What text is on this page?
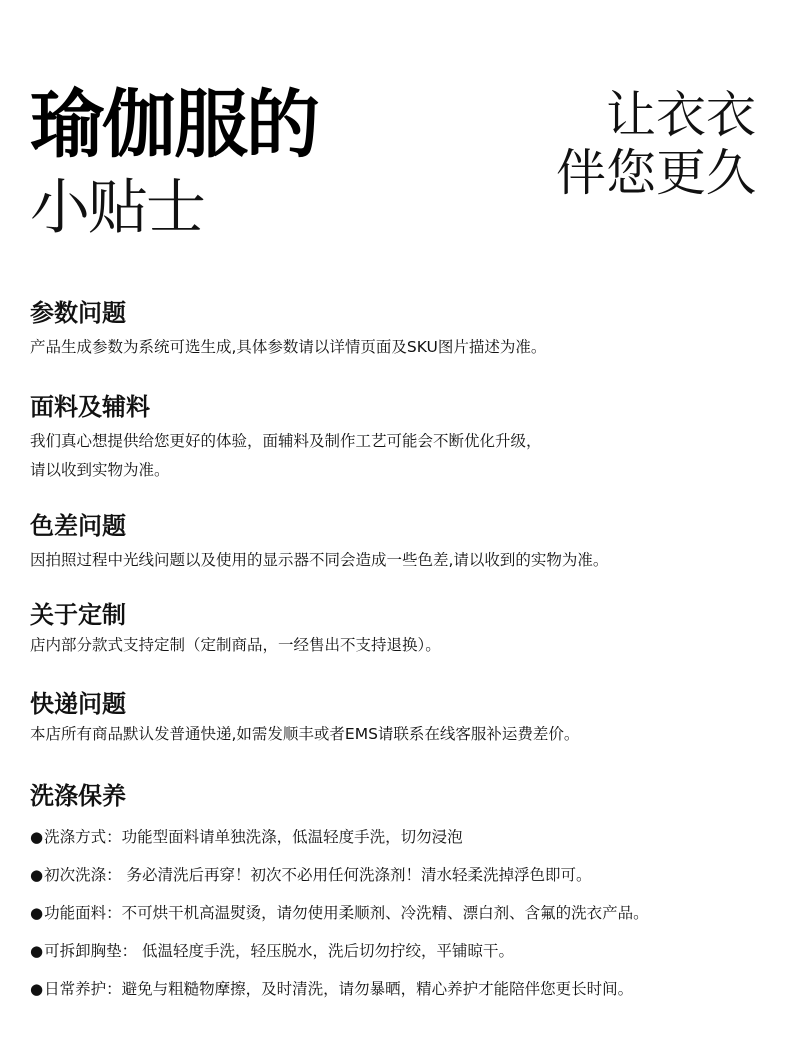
瑜伽服的
小贴士
让衣衣
伴您更久
参数问题

产品生成参数为系统可选生成,具体参数请以详情页面及SKU图片描述为准。

面料及辅料

我们真心想提供给您更好的体验，面辅料及制作工艺可能会不断优化升级，

请以收到实物为准。

色差问题

因拍照过程中光线问题以及使用的显示器不同会造成一些色差,请以收到的实物为准。

关于定制

店内部分款式支持定制（定制商品，一经售出不支持退换）。

快递问题

本店所有商品默认发普通快递,如需发顺丰或者EMS请联系在线客服补运费差价。

洗涤保养
●洗涤方式：功能型面料请单独洗涤，低温轻度手洗，切勿浸泡
●初次洗涤： 务必清洗后再穿！初次不必用任何洗涤剂！清水轻柔洗掉浮色即可。
●功能面料：不可烘干机高温熨烫，请勿使用柔顺剂、冷洗精、漂白剂、含氟的洗衣产品。
●可拆卸胸垫： 低温轻度手洗，轻压脱水，洗后切勿拧绞，平铺晾干。
●日常养护：避免与粗糙物摩擦，及时清洗，请勿暴晒，精心养护才能陪伴您更长时间。
